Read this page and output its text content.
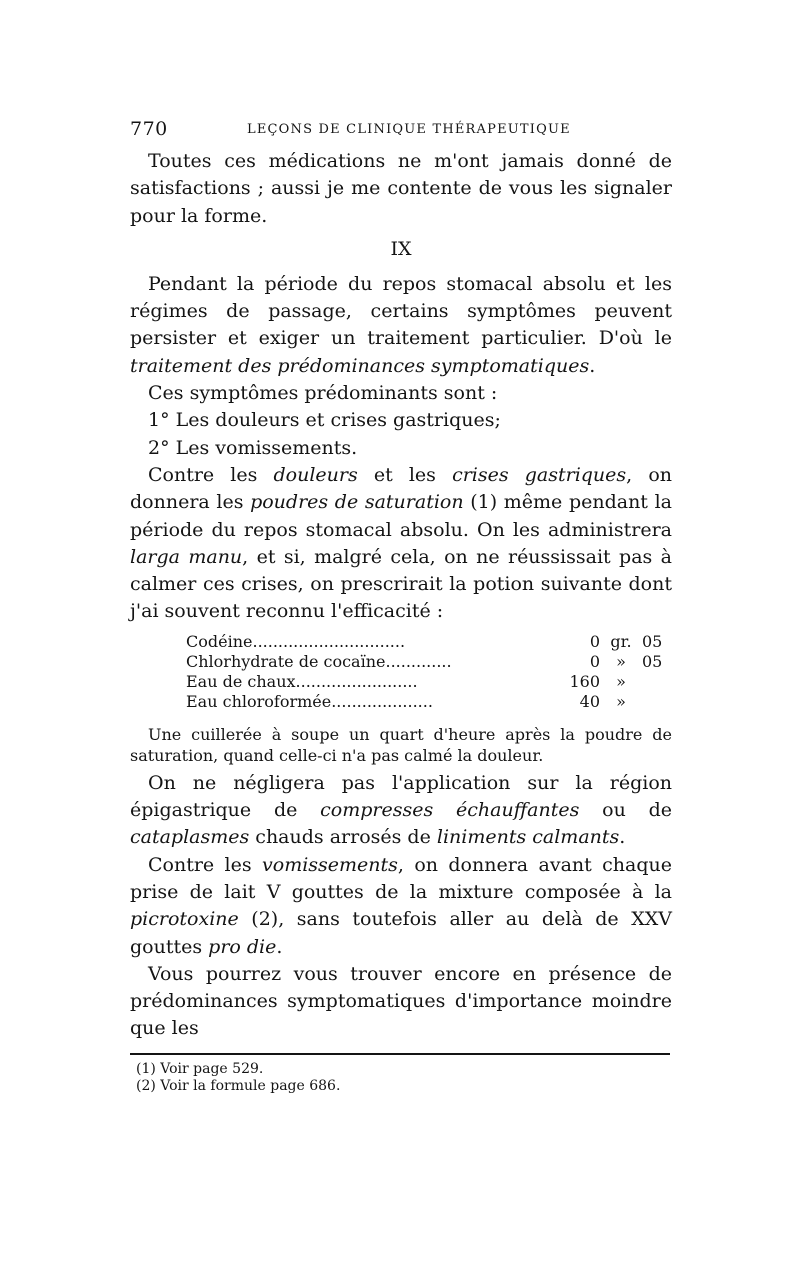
770	LEÇONS DE CLINIQUE THÉRAPEUTIQUE

Toutes ces médications ne m'ont jamais donné de satisfactions ; aussi je me contente de vous les signaler pour la forme.

IX

Pendant la période du repos stomacal absolu et les régimes de passage, certains symptômes peuvent persister et exiger un traitement particulier. D'où le traitement des prédominances symptomatiques.

Ces symptômes prédominants sont :

1° Les douleurs et crises gastriques;

2° Les vomissements.

Contre les douleurs et les crises gastriques, on donnera les poudres de saturation (1) même pendant la période du repos stomacal absolu. On les administrera larga manu, et si, malgré cela, on ne réussissait pas à calmer ces crises, on prescrirait la potion suivante dont j'ai souvent reconnu l'efficacité :

Codéine..............................	0	gr.	05
Chlorhydrate de cocaïne.............	0	»	05
Eau de chaux........................	160	»	
Eau chloroformée....................	40	»	

Une cuillerée à soupe un quart d'heure après la poudre de saturation, quand celle-ci n'a pas calmé la douleur.

On ne négligera pas l'application sur la région épigastrique de compresses échauffantes ou de cataplasmes chauds arrosés de liniments calmants.

Contre les vomissements, on donnera avant chaque prise de lait V gouttes de la mixture composée à la picrotoxine (2), sans toutefois aller au delà de XXV gouttes pro die.

Vous pourrez vous trouver encore en présence de prédominances symptomatiques d'importance moindre que les

(1) Voir page 529.

(2) Voir la formule page 686.
